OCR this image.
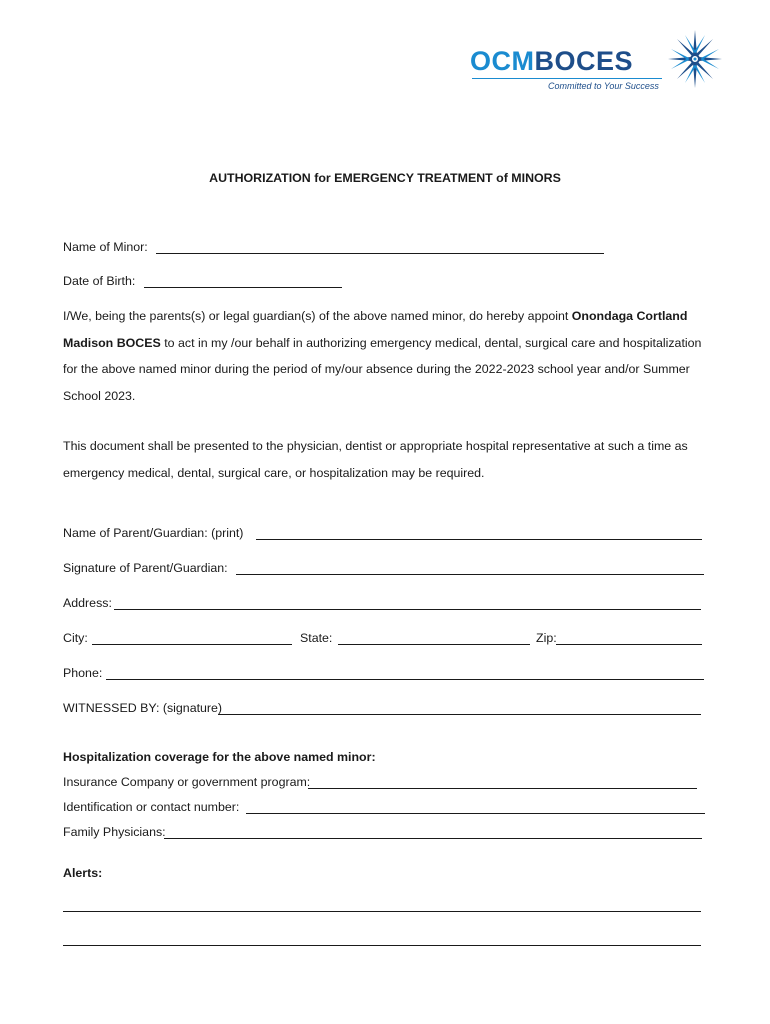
OCMBOCES
Committed to Your Success
AUTHORIZATION for EMERGENCY TREATMENT of MINORS
Name of Minor:
Date of Birth:
I/We, being the parents(s) or legal guardian(s) of the above named minor, do hereby appoint Onondaga Cortland Madison BOCES to act in my /our behalf in authorizing emergency medical, dental, surgical care and hospitalization for the above named minor during the period of my/our absence during the 2022-2023 school year and/or Summer School 2023.
This document shall be presented to the physician, dentist or appropriate hospital representative at such a time as emergency medical, dental, surgical care, or hospitalization may be required.
Name of Parent/Guardian: (print)
Signature of Parent/Guardian:
Address:
City:	State:	Zip:
Phone:
WITNESSED BY: (signature)
Hospitalization coverage for the above named minor:
Insurance Company or government program:
Identification or contact number:
Family Physicians:
Alerts:
